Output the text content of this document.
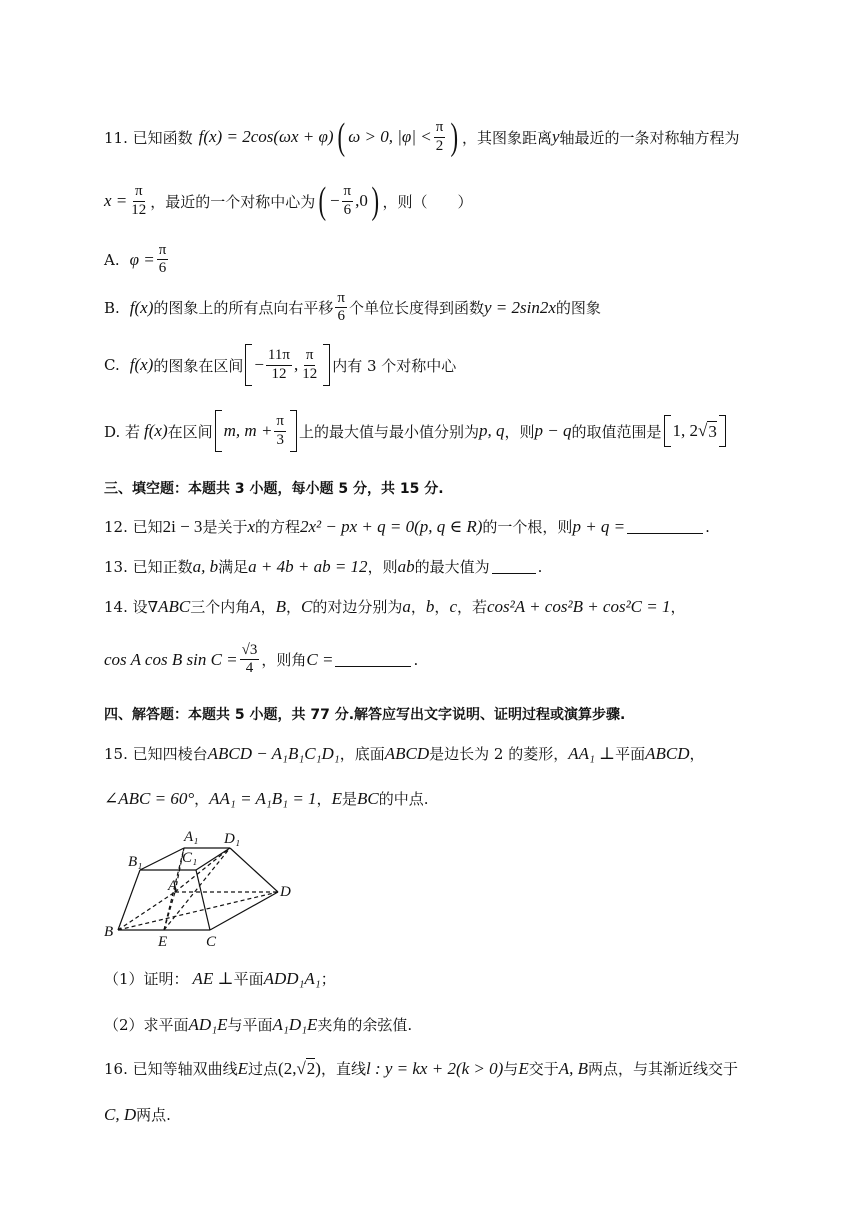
11. 已知函数 f(x) = 2cos(ωx + φ) ( ω > 0, $|\varphi| < \frac{\pi}{2}$ ) ，其图象距离 y 轴最近的一条对称轴方程为
$x = \frac{\pi}{12}$ ，最近的一个对称中心为 ( − $\frac{\pi}{6} ,0$ ) ，则（　　）
A. $\varphi = \frac{\pi}{6}$
B. f(x) 的图象上的所有点向右平移 $\frac{\pi}{6}$ 个单位长度得到函数 y = 2sin2x 的图象
C. f(x) 的图象在区间 − $\frac{11\pi}{12}$ , $\frac{\pi}{12}$ 内有 3 个对称中心
D. 若 f(x) 在区间 m, $m + \frac{\pi}{3}$ 上的最大值与最小值分别为 p, q ，则 p − q 的取值范围是 1, 2 √ 3
三、填空题：本题共 3 小题，每小题 5 分，共 15 分.
12. 已知 2i − 3 是关于 x 的方程 2x² − px + q = 0(p, q ∈ R) 的一个根，则 p + q =	.
13. 已知正数 a, b 满足 a + 4b + ab = 12 ，则 ab 的最大值为	.
14. 设∇ ABC 三个内角 A ， B ， C 的对边分别为 a ， b ， c ，若 cos²A + cos²B + cos²C = 1 ，
cos A cos B $\sin C = \frac{√3}{4}$ ，则角 C =	.
四、解答题：本题共 5 小题，共 77 分.解答应写出文字说明、证明过程或演算步骤.
15. 已知四棱台 ABCD − A₁B₁C₁D₁ ，底面 ABCD 是边长为 2 的菱形， AA₁ ⊥ 平面 ABCD ，
∠ABC = 60° ， AA₁ = A₁B₁ = 1 ， E 是 BC 的中点.
A₁ D₁
B₁	C₁
A	D
B
E	C
（1）证明： AE ⊥ 平面 ADD₁A₁ ；
（2）求平面 AD₁E 与平面 A₁D₁E 夹角的余弦值.
16. 已知等轴双曲线 E 过点 (2, √ 2 ) ，直线 l : y = kx + 2(k > 0) 与 E 交于 A, B 两点，与其渐近线交于
C, D 两点.
